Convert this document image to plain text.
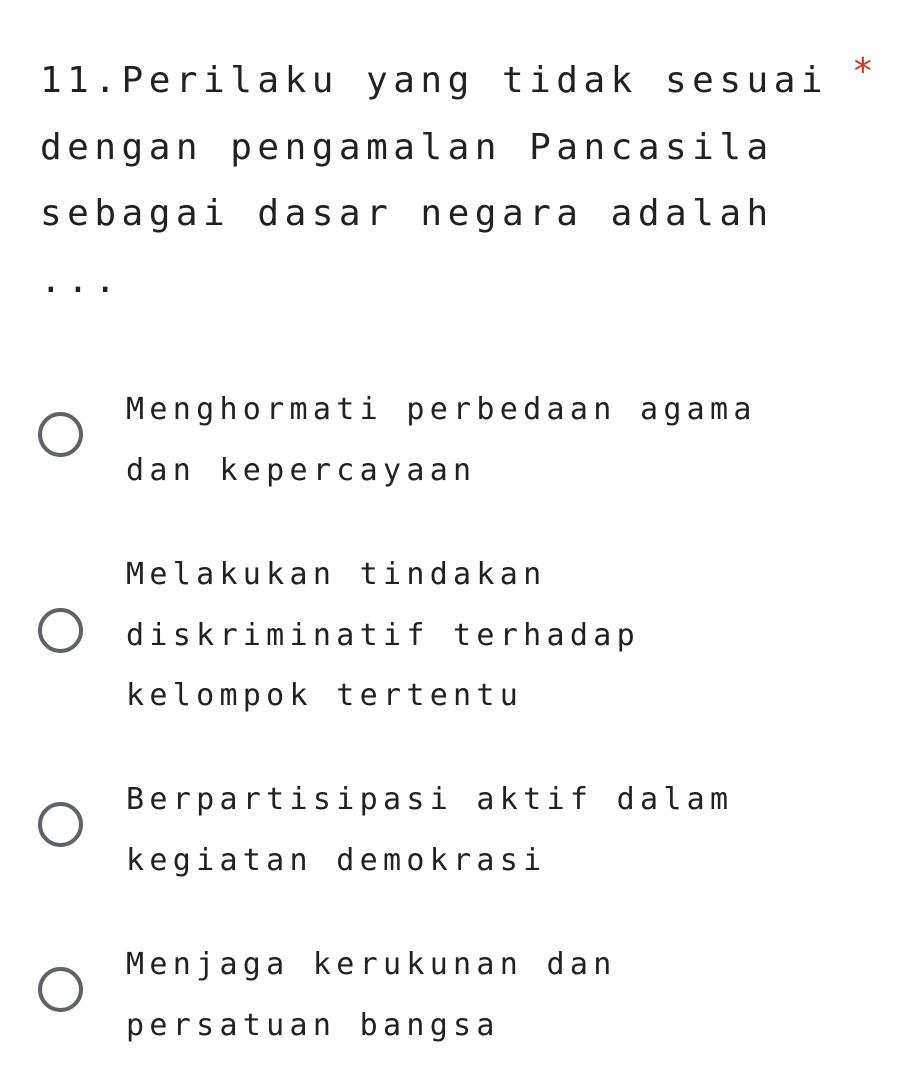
11.Perilaku yang tidak sesuai
dengan pengamalan Pancasila
sebagai dasar negara adalah
...
*
Menghormati perbedaan agama
dan kepercayaan
Melakukan tindakan
diskriminatif terhadap
kelompok tertentu
Berpartisipasi aktif dalam
kegiatan demokrasi
Menjaga kerukunan dan
persatuan bangsa
